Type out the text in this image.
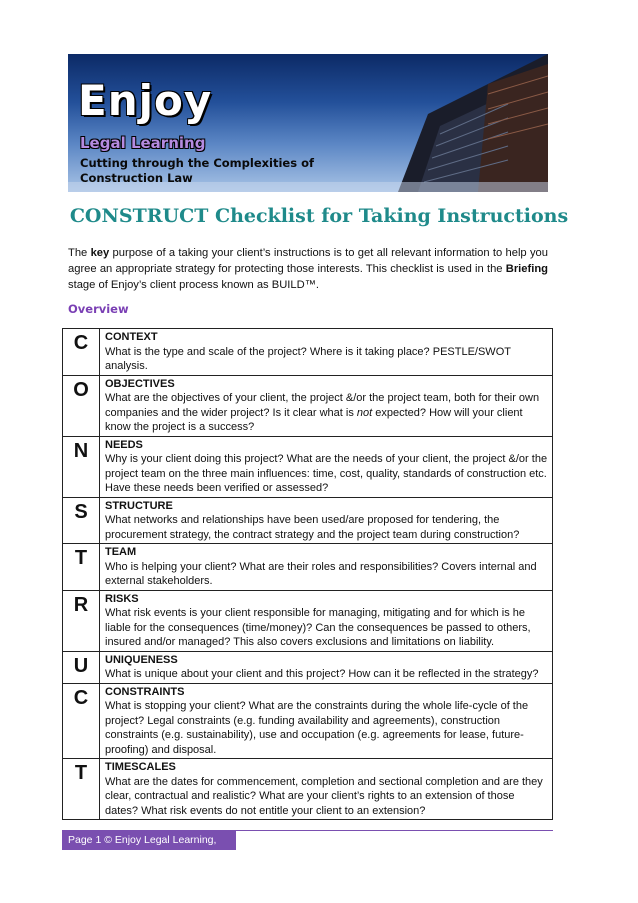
Enjoy
Legal Learning
Cutting through the Complexities of Construction Law
CONSTRUCT Checklist for Taking Instructions

The key purpose of a taking your client’s instructions is to get all relevant information to help you agree an appropriate strategy for protecting those interests. This checklist is used in the Briefing stage of Enjoy’s client process known as BUILD™.

Overview
C	CONTEXT
What is the type and scale of the project? Where is it taking place? PESTLE/SWOT analysis.

O	OBJECTIVES
What are the objectives of your client, the project &/or the project team, both for their own companies and the wider project? Is it clear what is not expected? How will your client know the project is a success?

N	NEEDS
Why is your client doing this project? What are the needs of your client, the project &/or the project team on the three main influences: time, cost, quality, standards of construction etc. Have these needs been verified or assessed?

S	STRUCTURE
What networks and relationships have been used/are proposed for tendering, the procurement strategy, the contract strategy and the project team during construction?

T	TEAM
Who is helping your client? What are their roles and responsibilities? Covers internal and external stakeholders.

R	RISKS
What risk events is your client responsible for managing, mitigating and for which is he liable for the consequences (time/money)? Can the consequences be passed to others, insured and/or managed? This also covers exclusions and limitations on liability.

U	UNIQUENESS
What is unique about your client and this project? How can it be reflected in the strategy?

C	CONSTRAINTS
What is stopping your client? What are the constraints during the whole life-cycle of the project? Legal constraints (e.g. funding availability and agreements), construction constraints (e.g. sustainability), use and occupation (e.g. agreements for lease, future-proofing) and disposal.

T	TIMESCALES
What are the dates for commencement, completion and sectional completion and are they clear, contractual and realistic? What are your client’s rights to an extension of those dates? What risk events do not entitle your client to an extension?
Page 1 © Enjoy Legal Learning, 2014
